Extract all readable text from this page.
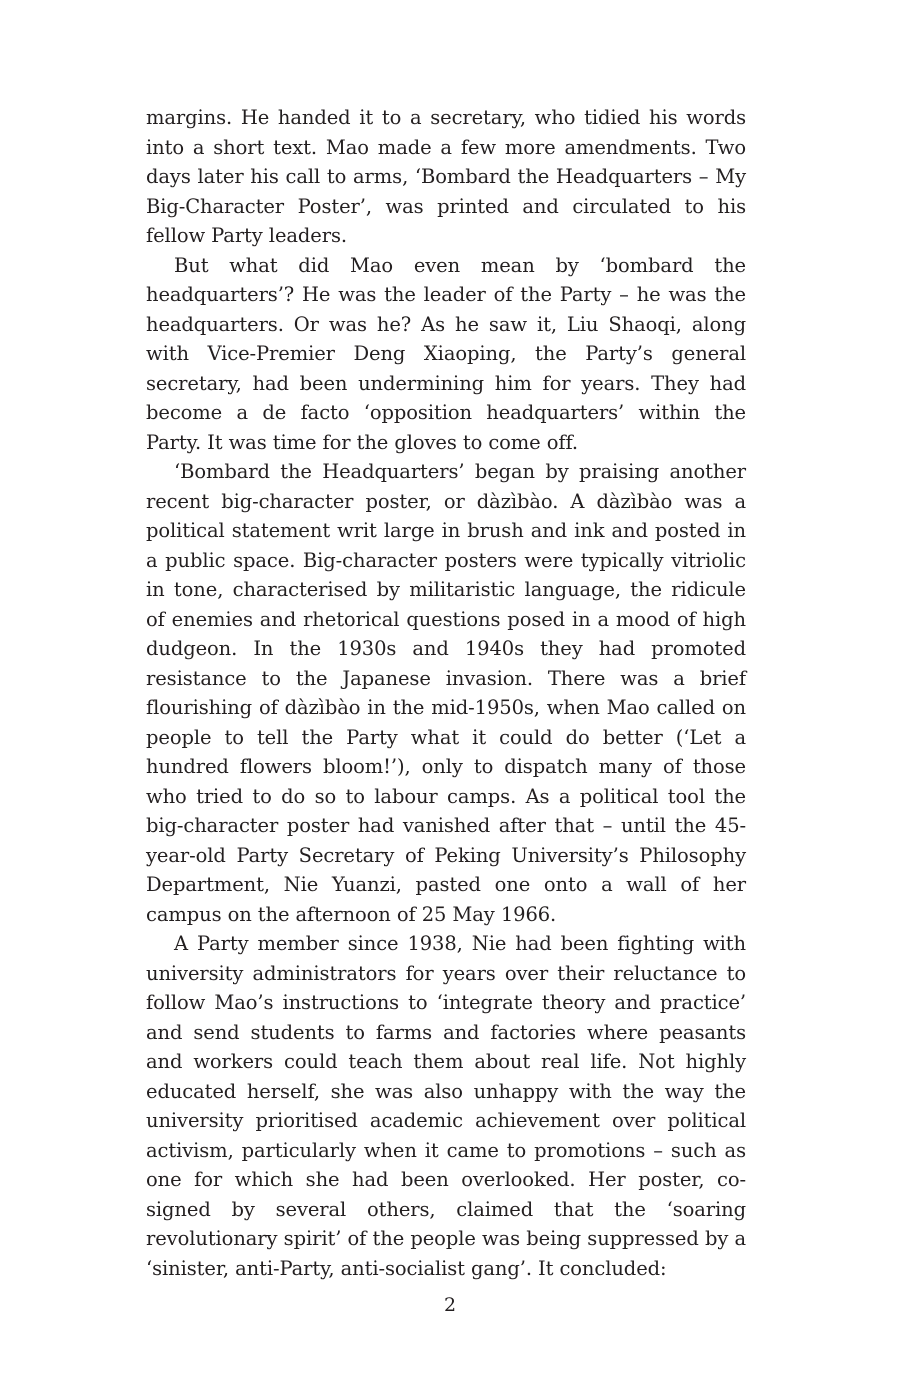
margins. He handed it to a secretary, who tidied his words into a short text. Mao made a few more amendments. Two days later his call to arms, ‘Bombard the Headquarters – My Big-Character Poster’, was printed and circulated to his fellow Party leaders.

But what did Mao even mean by ‘bombard the headquarters’? He was the leader of the Party – he was the headquarters. Or was he? As he saw it, Liu Shaoqi, along with Vice-Premier Deng Xiaoping, the Party’s general secretary, had been undermining him for years. They had become a de facto ‘opposition headquarters’ within the Party. It was time for the gloves to come off.

‘Bombard the Headquarters’ began by praising another recent big-character poster, or dàzìbào. A dàzìbào was a political statement writ large in brush and ink and posted in a public space. Big-character posters were typically vitriolic in tone, characterised by militaristic language, the ridicule of enemies and rhetorical questions posed in a mood of high dudgeon. In the 1930s and 1940s they had promoted resistance to the Japanese invasion. There was a brief flourishing of dàzìbào in the mid-1950s, when Mao called on people to tell the Party what it could do better (‘Let a hundred flowers bloom!’), only to dispatch many of those who tried to do so to labour camps. As a political tool the big-character poster had vanished after that – until the 45-year-old Party Secretary of Peking University’s Philosophy Department, Nie Yuanzi, pasted one onto a wall of her campus on the afternoon of 25 May 1966.

A Party member since 1938, Nie had been fighting with university administrators for years over their reluctance to follow Mao’s instructions to ‘integrate theory and practice’ and send students to farms and factories where peasants and workers could teach them about real life. Not highly educated herself, she was also unhappy with the way the university prioritised academic achievement over political activism, particularly when it came to promotions – such as one for which she had been overlooked. Her poster, co-signed by several others, claimed that the ‘soaring revolutionary spirit’ of the people was being suppressed by a ‘sinister, anti-Party, anti-socialist gang’. It concluded:

2
